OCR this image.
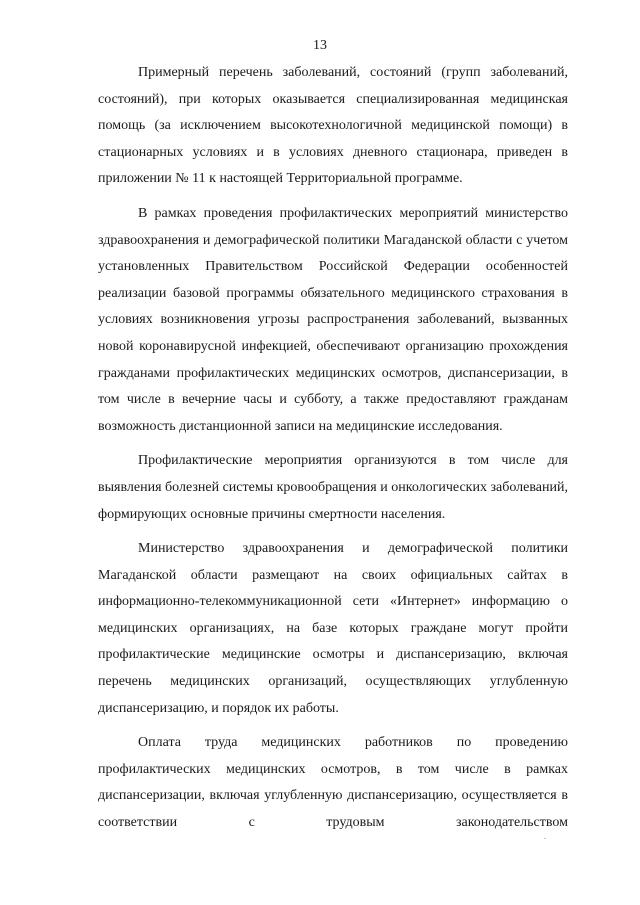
13

Примерный перечень заболеваний, состояний (групп заболеваний, состояний), при которых оказывается специализированная медицинская помощь (за исключением высокотехнологичной медицинской помощи) в стационарных условиях и в условиях дневного стационара, приведен в приложении № 11 к настоящей Территориальной программе.

В рамках проведения профилактических мероприятий министерство здравоохранения и демографической политики Магаданской области с учетом установленных Правительством Российской Федерации особенностей реализации базовой программы обязательного медицинского страхования в условиях возникновения угрозы распространения заболеваний, вызванных новой коронавирусной инфекцией, обеспечивают организацию прохождения гражданами профилактических медицинских осмотров, диспансеризации, в том числе в вечерние часы и субботу, а также предоставляют гражданам возможность дистанционной записи на медицинские исследования.

Профилактические мероприятия организуются в том числе для выявления болезней системы кровообращения и онкологических заболеваний, формирующих основные причины смертности населения.

Министерство здравоохранения и демографической политики Магаданской области размещают на своих официальных сайтах в информационно-телекоммуникационной сети «Интернет» информацию о медицинских организациях, на базе которых граждане могут пройти профилактические медицинские осмотры и диспансеризацию, включая перечень медицинских организаций, осуществляющих углубленную диспансеризацию, и порядок их работы.

Оплата труда медицинских работников по проведению профилактических медицинских осмотров, в том числе в рамках диспансеризации, включая углубленную диспансеризацию, осуществляется в соответствии с трудовым законодательством
